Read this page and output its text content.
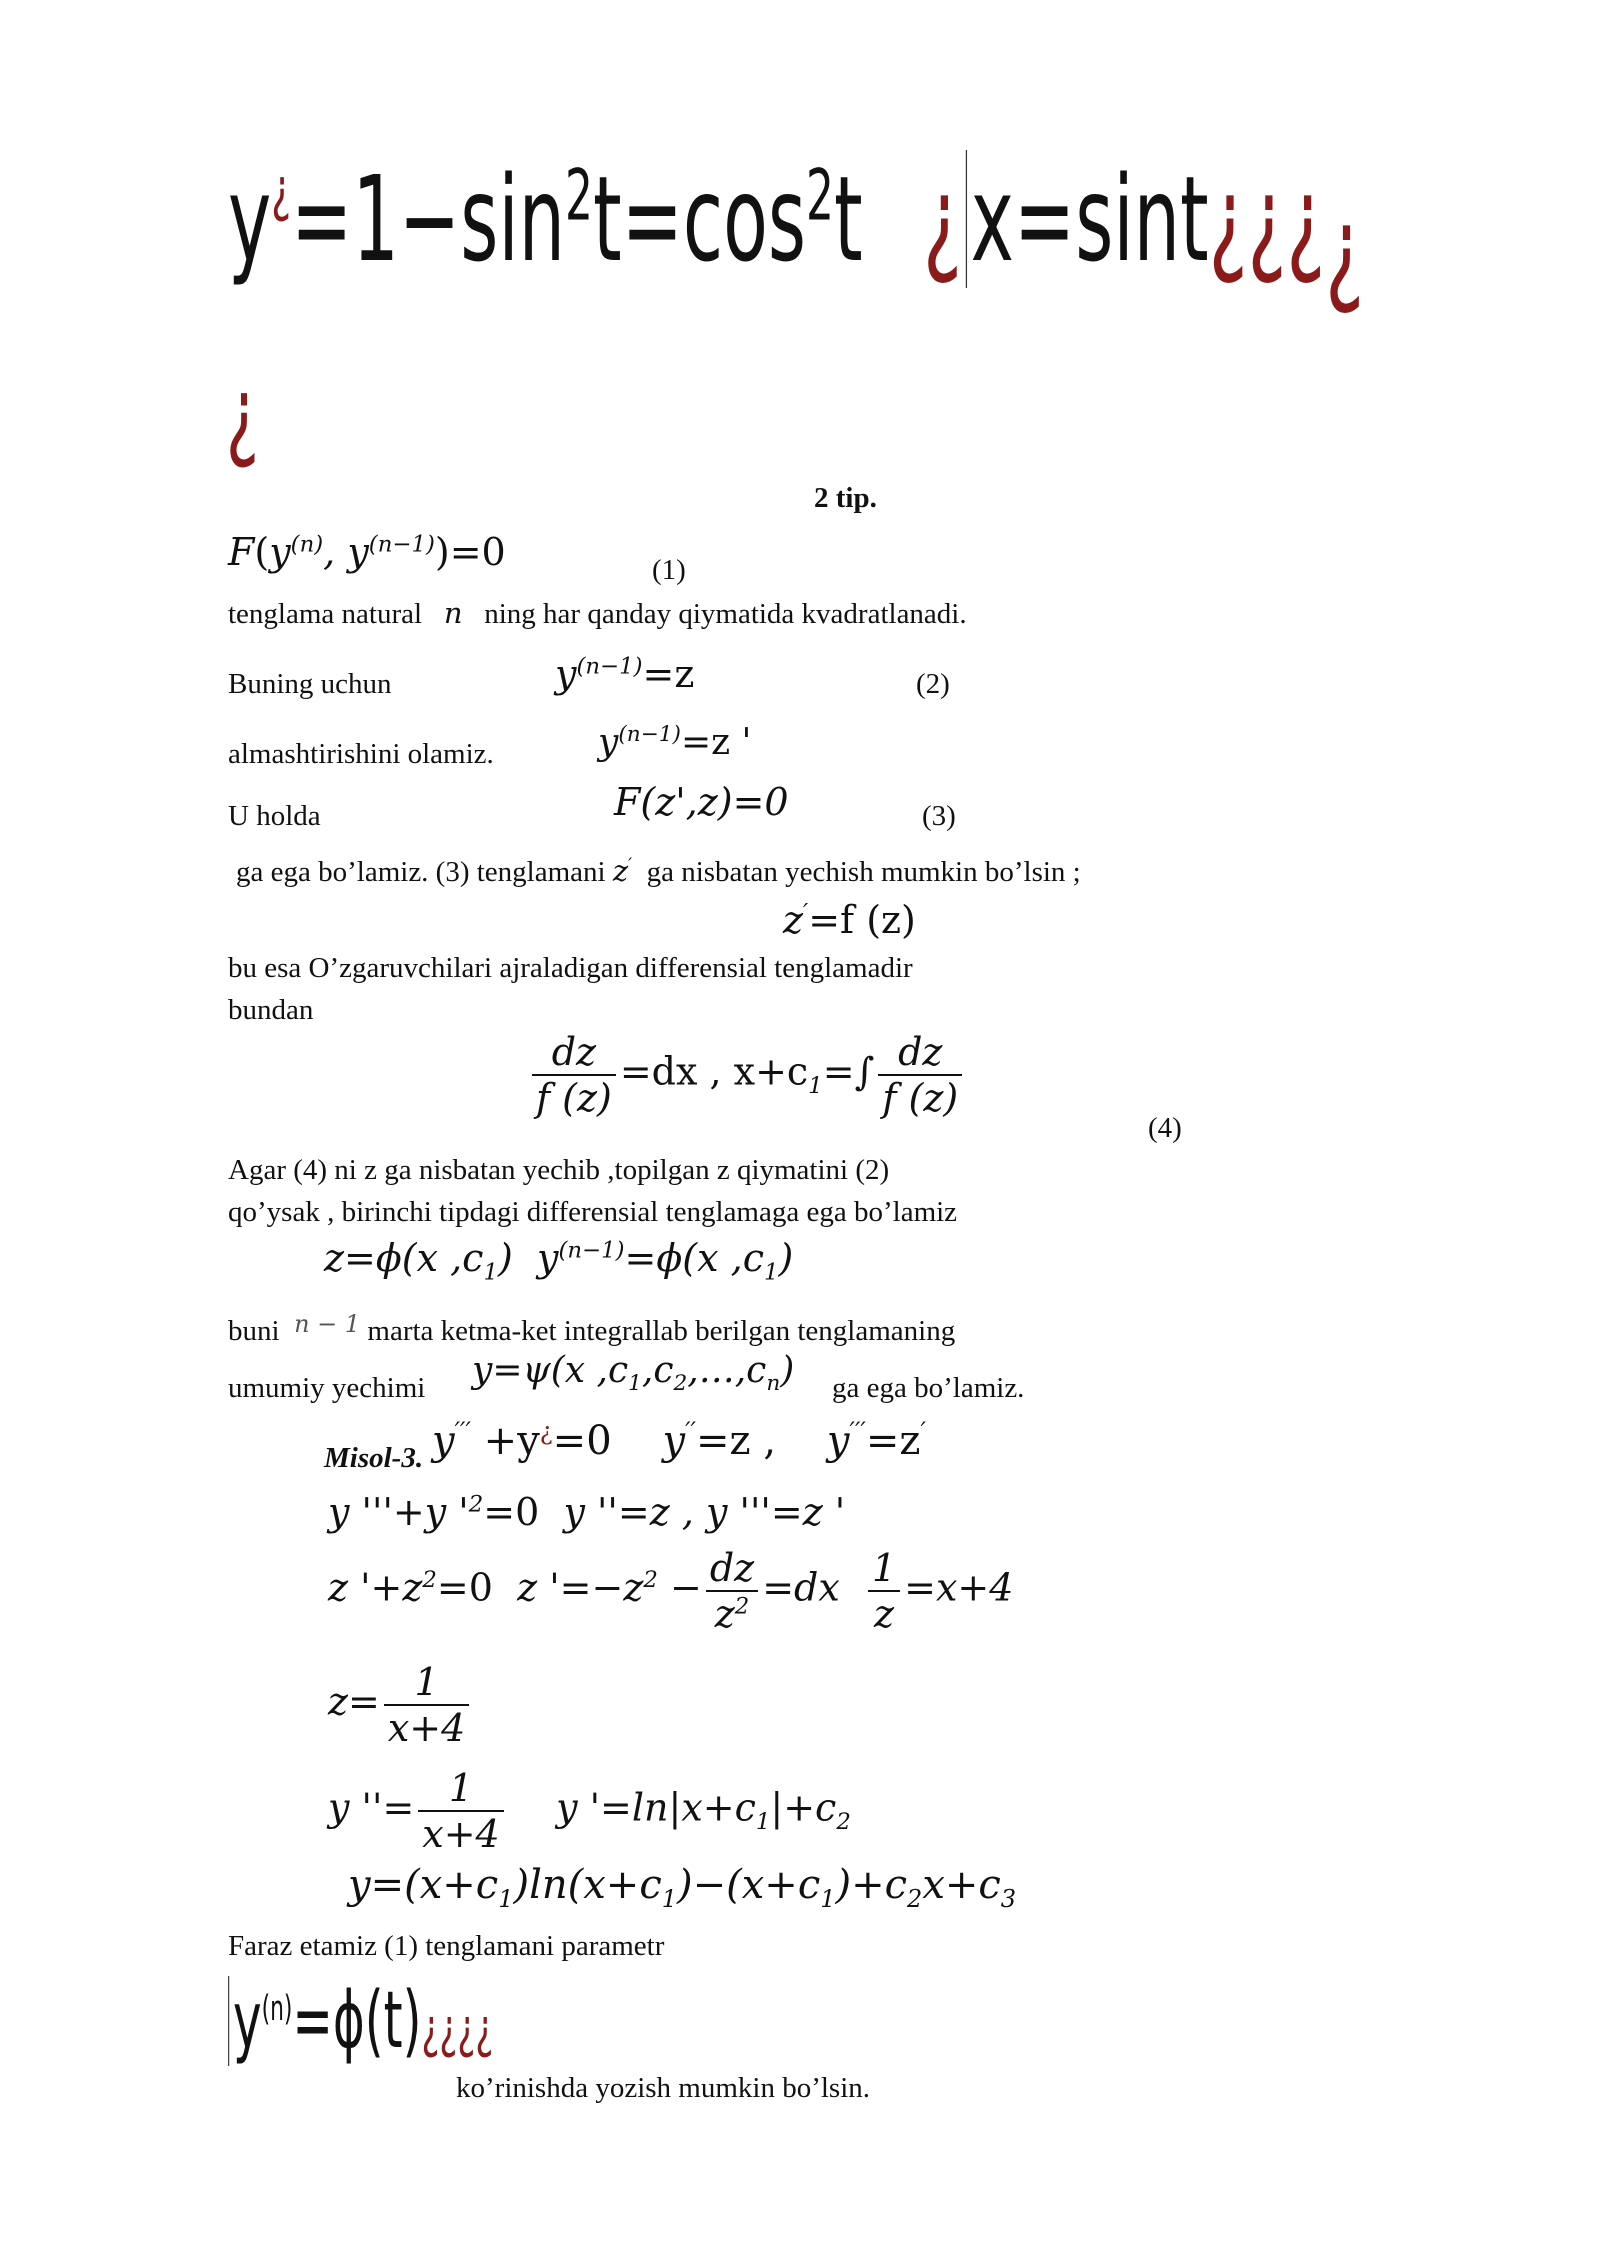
$y^¿=1-\sin^2t=\cos^2t$ ¿x=sint¿¿¿¿
¿
2 tip.
$F(y^{(n)}$, $y^{(n-1)})=0$	(1)
tenglama natural n ning har qanday qiymatida kvadratlanadi.
Buning uchun	$y^{(n-1)}=z$	(2)
almashtirishini olamiz.	$y^{(n-1)}=z$ '
U holda	F(z',z)=0	(3)
ga ega bo’lamiz. (3) tenglamani z′ ga nisbatan yechish mumkin bo’lsin ;
z′=f (z)
bu esa O’zgaruvchilari ajraladigan differensial tenglamadir
bundan
$\frac{dz}{f (z)} =dx$ , $x+c_1=\int \frac{dz}{f (z)}$
(4)
Agar (4) ni z ga nisbatan yechib ,topilgan z qiymatini (2)
qo’ysak , birinchi tipdagi differensial tenglamaga ega bo’lamiz
z=ϕ(x $,c_1$) $y^{(n-1)}=\phi(x$ $,c_1$)
buni $^{n - 1}$ marta ketma-ket integrallab berilgan tenglamaning
umumiy yechimi y=ψ(x $,c_1,c_2,\dots,c_n$) ga ega bo’lamiz.
Misol-3. y′′′ +y¿=0 y′′=z , y′′′=z′
y '''+y '$^2=0$ y ''=z , y '''=z '
z '$+z^2=0$ z '$=-z^2 - \frac{dz}{z^2} =dx \frac{1}{z} =x+4$
$z= \frac{1}{x+4}$
y ''= $\frac{1}{x+4}$ y '$=\ln|x+c_1|+c_2$
$y=(x+c_1)\ln(x+c_1)-(x+c_1)+c_2x+c_3$
Faraz etamiz (1) tenglamani parametr
$y^{(n)}=\phi(t)¿¿¿¿$
ko’rinishda yozish mumkin bo’lsin.
